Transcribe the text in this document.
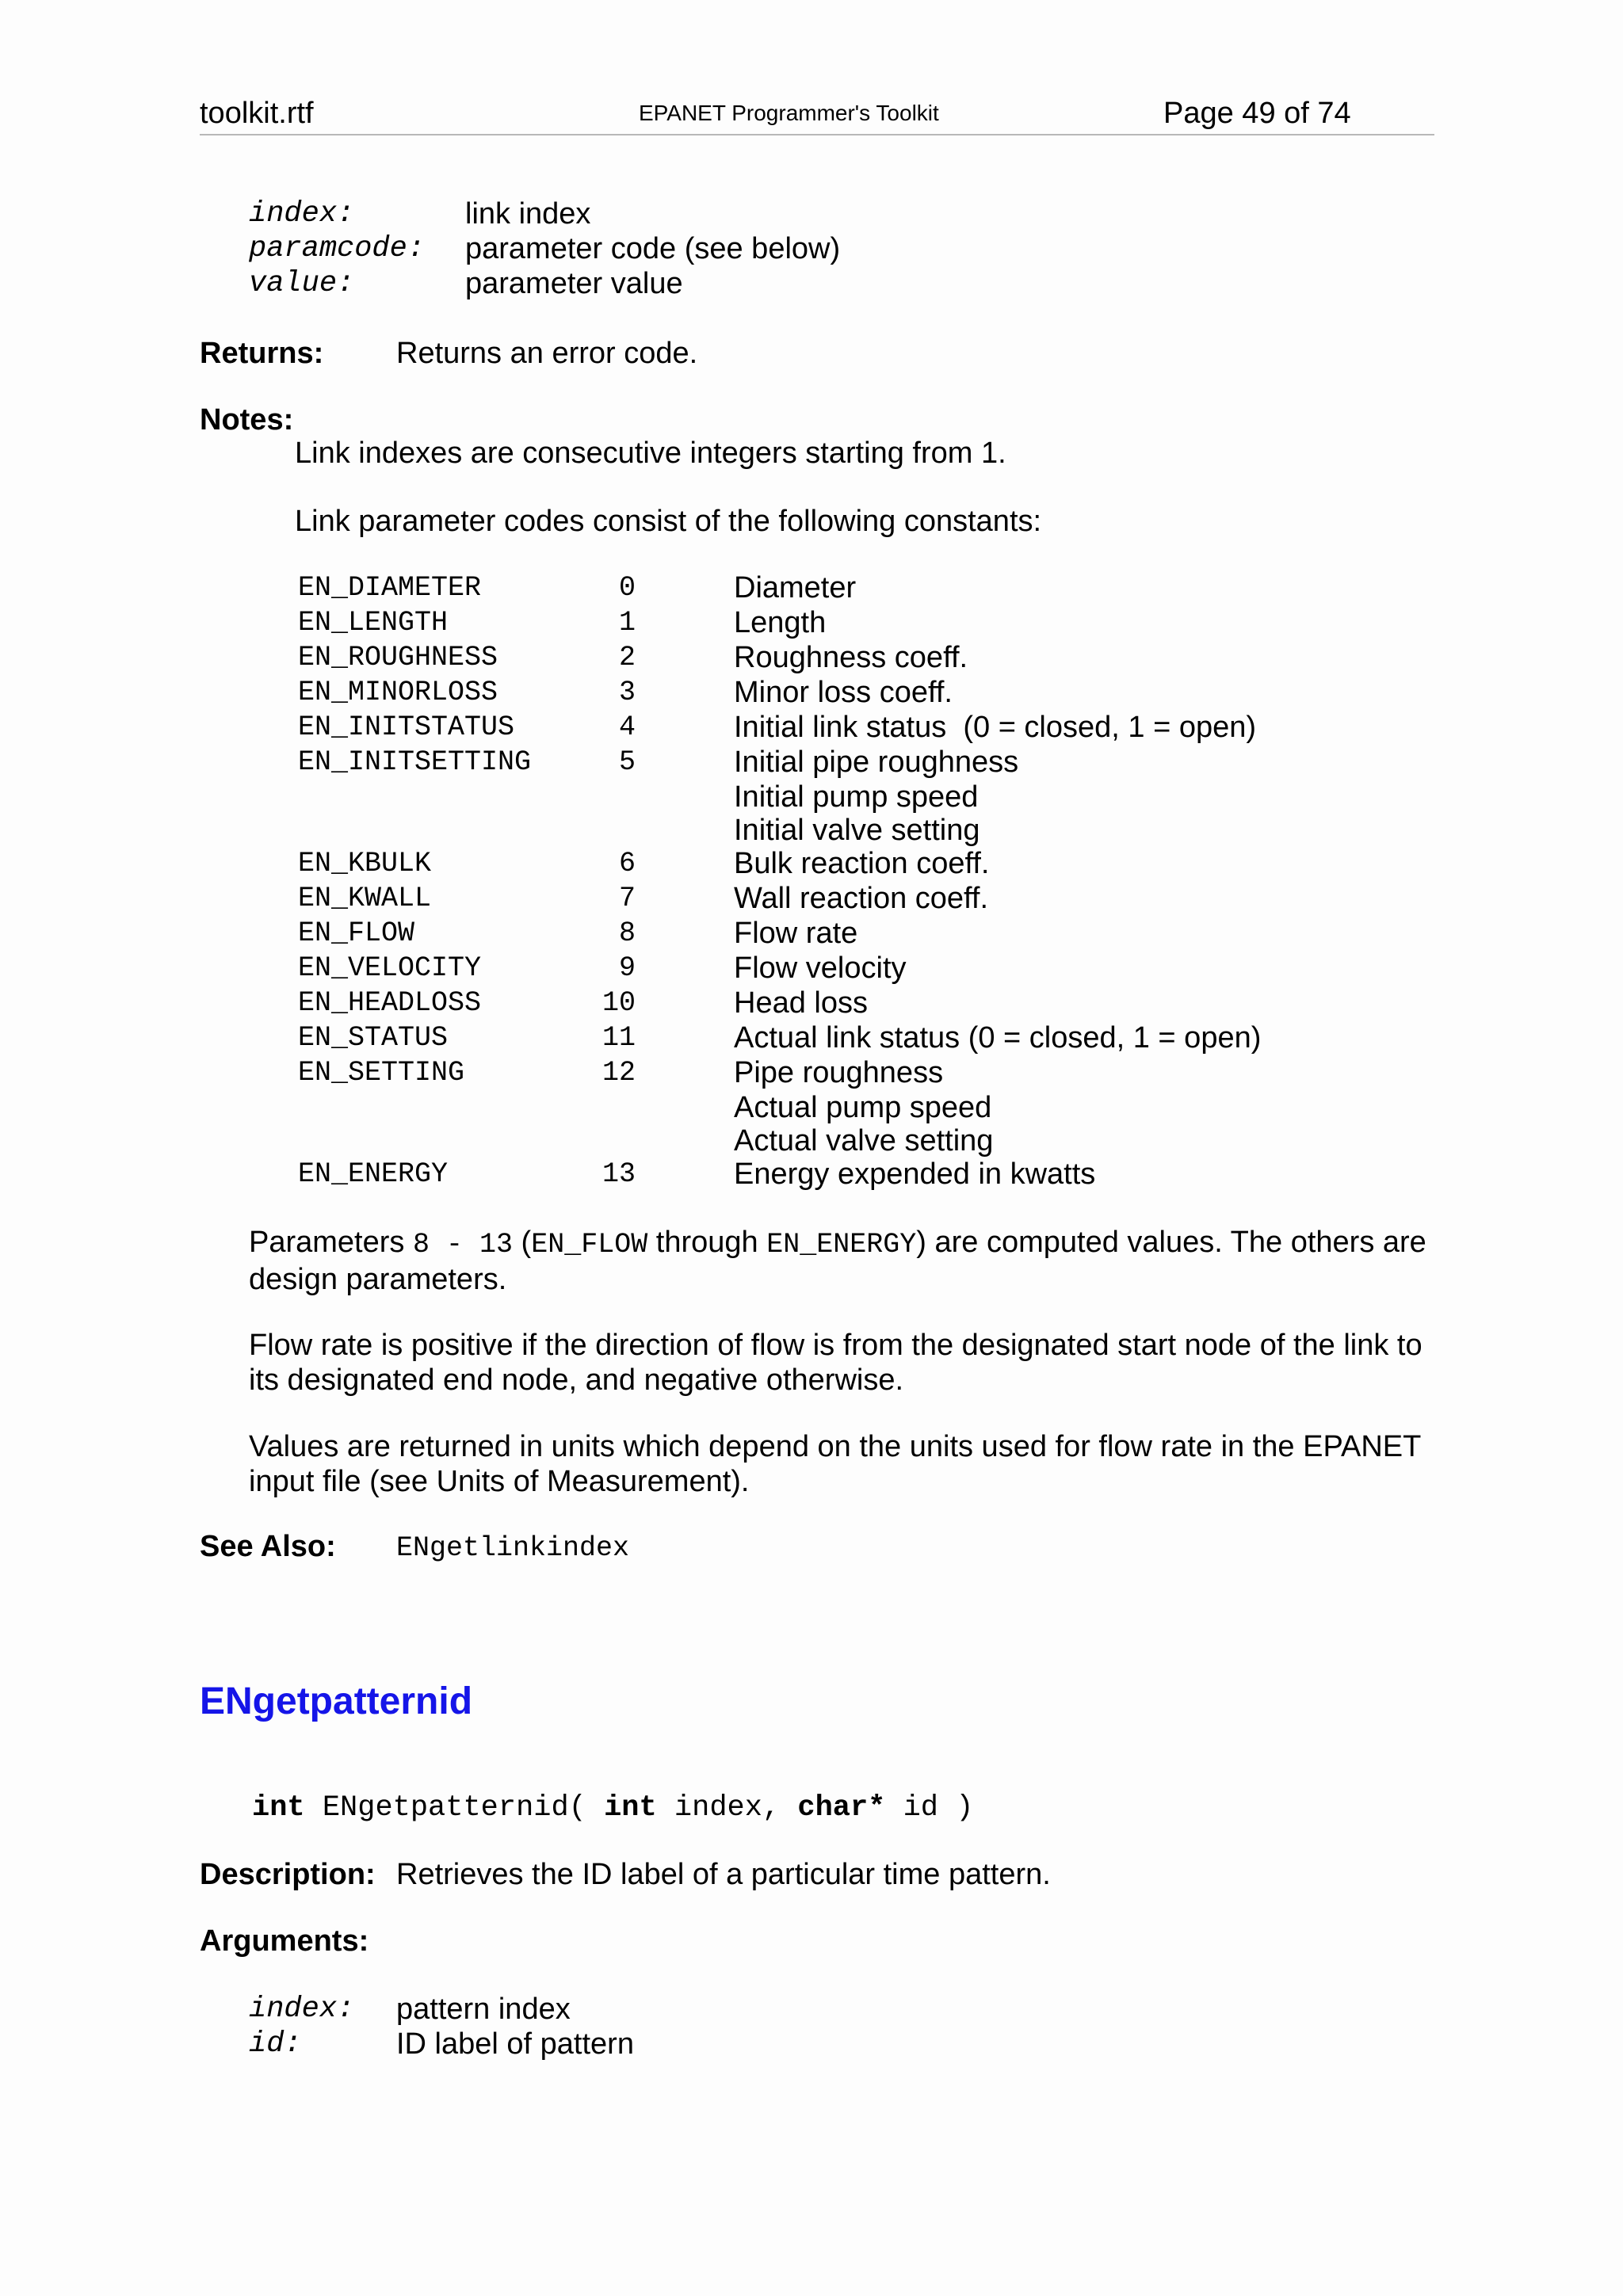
toolkit.rtf	EPANET Programmer's Toolkit	Page 49 of 74
index:	link index
paramcode: parameter code (see below)
value:	parameter value
Returns: Returns an error code.
Notes:
Link indexes are consecutive integers starting from 1.
Link parameter codes consist of the following constants:
EN_DIAMETER	0	Diameter
EN_LENGTH	1	Length
EN_ROUGHNESS	2	Roughness coeff.
EN_MINORLOSS	3	Minor loss coeff.
EN_INITSTATUS	4	Initial link status  (0 = closed, 1 = open)
EN_INITSETTING	5	Initial pipe roughness
Initial pump speed
Initial valve setting
EN_KBULK	6	Bulk reaction coeff.
EN_KWALL	7	Wall reaction coeff.
EN_FLOW	8	Flow rate
EN_VELOCITY	9	Flow velocity
EN_HEADLOSS	10	Head loss
EN_STATUS	11	Actual link status (0 = closed, 1 = open)
EN_SETTING	12	Pipe roughness
Actual pump speed
Actual valve setting
EN_ENERGY	13	Energy expended in kwatts
Parameters 8 - 13 (EN_FLOW through EN_ENERGY) are computed values. The others are design parameters.
Flow rate is positive if the direction of flow is from the designated start node of the link to its designated end node, and negative otherwise.
Values are returned in units which depend on the units used for flow rate in the EPANET input file (see Units of Measurement).
See Also: ENgetlinkindex
ENgetpatternid
int ENgetpatternid( int index, char* id )
Description: Retrieves the ID label of a particular time pattern.
Arguments:
index: pattern index
id:	ID label of pattern
